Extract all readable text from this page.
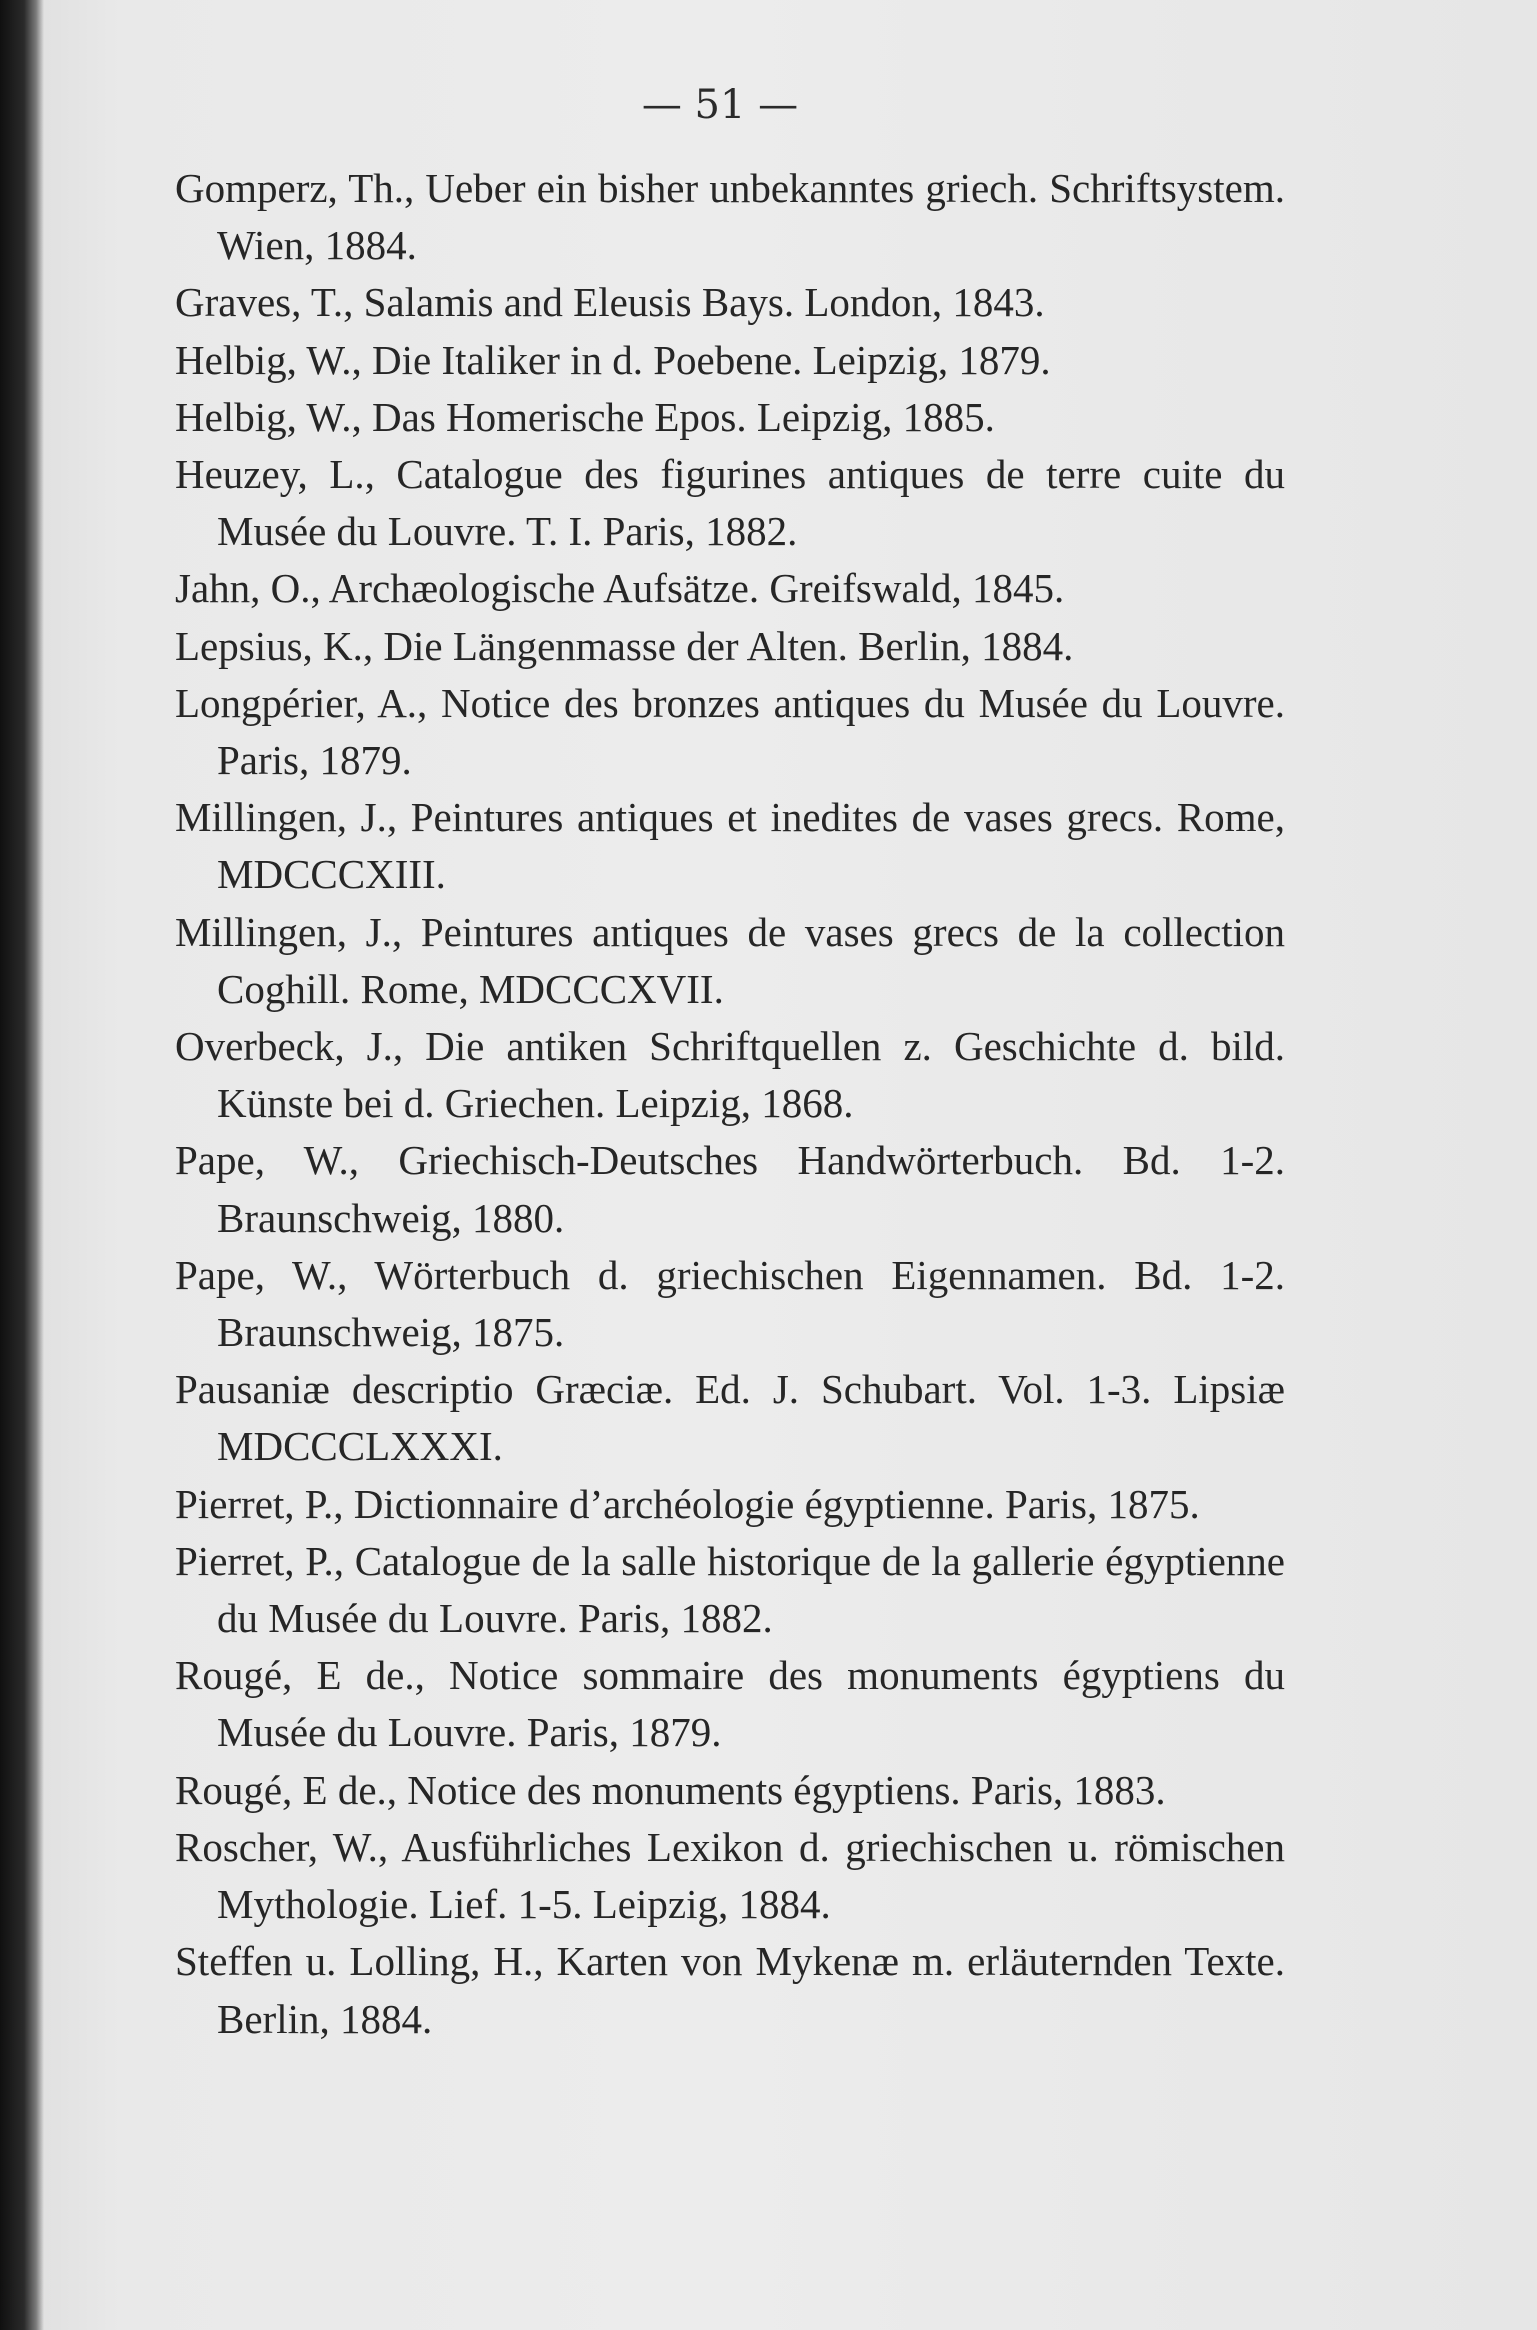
— 51 —

Gomperz, Th., Ueber ein bisher unbekanntes griech. Schriftsystem. Wien, 1884.

Graves, T., Salamis and Eleusis Bays. London, 1843.

Helbig, W., Die Italiker in d. Poebene. Leipzig, 1879.

Helbig, W., Das Homerische Epos. Leipzig, 1885.

Heuzey, L., Catalogue des figurines antiques de terre cuite du Musée du Louvre. T. I. Paris, 1882.

Jahn, O., Archæologische Aufsätze. Greifswald, 1845.

Lepsius, K., Die Längenmasse der Alten. Berlin, 1884.

Longpérier, A., Notice des bronzes antiques du Musée du Louvre. Paris, 1879.

Millingen, J., Peintures antiques et inedites de vases grecs. Rome, MDCCCXIII.

Millingen, J., Peintures antiques de vases grecs de la collection Coghill. Rome, MDCCCXVII.

Overbeck, J., Die antiken Schriftquellen z. Geschichte d. bild. Künste bei d. Griechen. Leipzig, 1868.

Pape, W., Griechisch-Deutsches Handwörterbuch. Bd. 1-2. Braunschweig, 1880.

Pape, W., Wörterbuch d. griechischen Eigennamen. Bd. 1-2. Braunschweig, 1875.

Pausaniæ descriptio Græciæ. Ed. J. Schubart. Vol. 1-3. Lipsiæ MDCCCLXXXI.

Pierret, P., Dictionnaire d’archéologie égyptienne. Paris, 1875.

Pierret, P., Catalogue de la salle historique de la gallerie égyptienne du Musée du Louvre. Paris, 1882.

Rougé, E de., Notice sommaire des monuments égyptiens du Musée du Louvre. Paris, 1879.

Rougé, E de., Notice des monuments égyptiens. Paris, 1883.

Roscher, W., Ausführliches Lexikon d. griechischen u. römischen Mythologie. Lief. 1-5. Leipzig, 1884.

Steffen u. Lolling, H., Karten von Mykenæ m. erläuternden Texte. Berlin, 1884.
